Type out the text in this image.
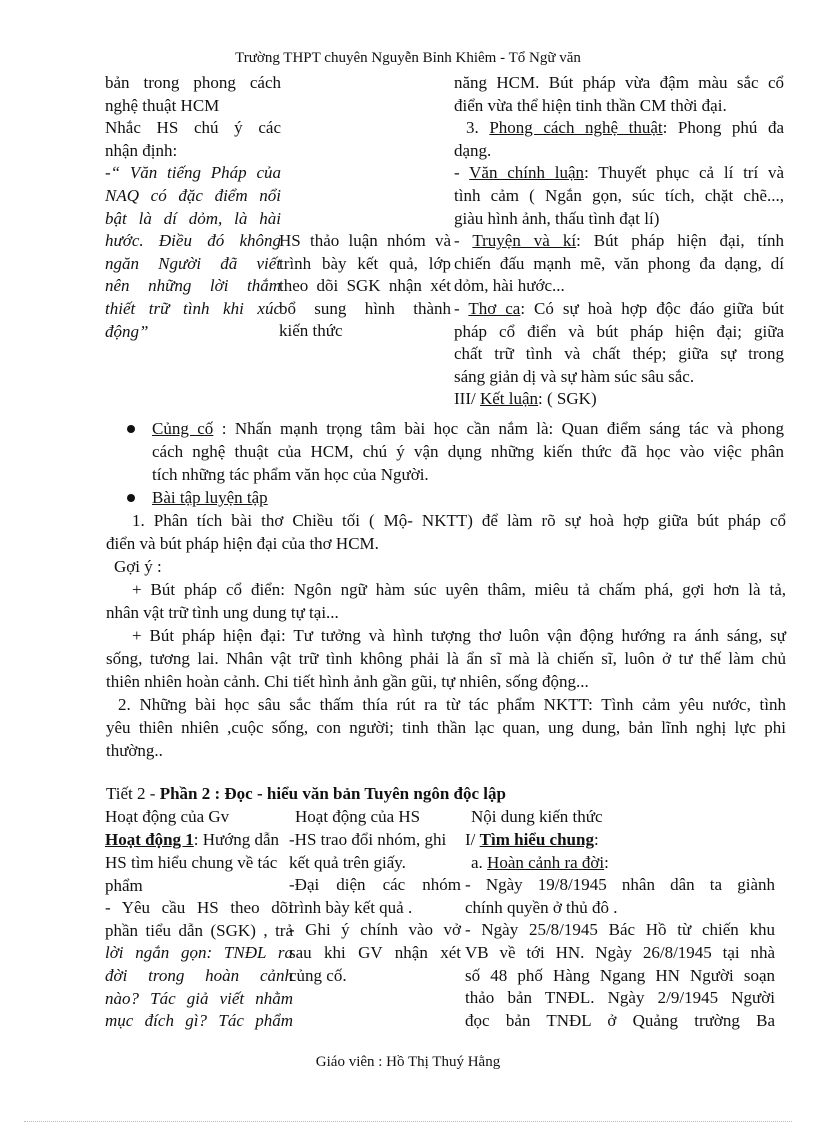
Trường THPT chuyên Nguyễn Bỉnh Khiêm - Tổ Ngữ văn
bản trong phong cách
nghệ thuật HCM
Nhắc HS chú ý các
nhận định:
-“ Văn tiếng Pháp của
NAQ có đặc điểm nổi
bật là dí dỏm, là hài
hước. Điều đó không
ngăn Người đã viết
nên những lời thắm
thiết trữ tình khi xúc
động”
HS thảo luận nhóm và
trình bày kết quả, lớp
theo dõi SGK nhận xét
bổ sung hình thành
kiến thức
năng HCM. Bút pháp vừa đậm màu sắc cổ
điển vừa thể hiện tinh thần CM thời đại.
3. Phong cách nghệ thuật: Phong phú đa
dạng.
- Văn chính luận: Thuyết phục cả lí trí và
tình cảm ( Ngắn gọn, súc tích, chặt chẽ...,
giàu hình ảnh, thấu tình đạt lí)
- Truyện và kí: Bút pháp hiện đại, tính
chiến đấu mạnh mẽ, văn phong đa dạng, dí
dỏm, hài hước...
- Thơ ca: Có sự hoà hợp độc đáo giữa bút
pháp cổ điển và bút pháp hiện đại; giữa
chất trữ tình và chất thép; giữa sự trong
sáng giản dị và sự hàm súc sâu sắc.
III/ Kết luận: ( SGK)
Củng cố : Nhấn mạnh trọng tâm bài học cần nắm là: Quan điểm sáng tác và phong
cách nghệ thuật của HCM, chú ý vận dụng những kiến thức đã học vào việc phân
tích những tác phẩm văn học của Người.
Bài tập luyện tập
1. Phân tích bài thơ Chiều tối ( Mộ- NKTT) để làm rõ sự hoà hợp giữa bút pháp cổ
điển và bút pháp hiện đại của thơ HCM.
Gợi ý :
+ Bút pháp cổ điển: Ngôn ngữ hàm súc uyên thâm, miêu tả chấm phá, gợi hơn là tả,
nhân vật trữ tình ung dung tự tại...
+ Bút pháp hiện đại: Tư tưởng và hình tượng thơ luôn vận động hướng ra ánh sáng, sự
sống, tương lai. Nhân vật trữ tình không phải là ẩn sĩ mà là chiến sĩ, luôn ở tư thế làm chủ
thiên nhiên hoàn cảnh. Chi tiết hình ảnh gần gũi, tự nhiên, sống động...
2. Những bài học sâu sắc thấm thía rút ra từ tác phẩm NKTT: Tình cảm yêu nước, tình
yêu thiên nhiên ,cuộc sống, con người; tinh thần lạc quan, ung dung, bản lĩnh nghị lực phi
thường..
Tiết 2 - Phần 2 : Đọc - hiểu văn bản Tuyên ngôn độc lập
Hoạt động của Gv	Hoạt động của HS	Nội dung kiến thức
Hoạt động 1: Hướng dẫn
HS tìm hiểu chung về tác
phẩm
- Yêu cầu HS theo dõi
phần tiểu dẫn (SGK) , trả
lời ngắn gọn: TNĐL ra
đời trong hoàn cảnh
nào? Tác giả viết nhằm
mục đích gì? Tác phẩm
-HS trao đổi nhóm, ghi
kết quả trên giấy.
-Đại diện các nhóm
trình bày kết quả .
- Ghi ý chính vào vở
sau khi GV nhận xét
củng cố.
I/ Tìm hiểu chung:
a. Hoàn cảnh ra đời:
- Ngày 19/8/1945 nhân dân ta giành
chính quyền ở thủ đô .
- Ngày 25/8/1945 Bác Hồ từ chiến khu
VB về tới HN. Ngày 26/8/1945 tại nhà
số 48 phố Hàng Ngang HN Người soạn
thảo bản TNĐL. Ngày 2/9/1945 Người
đọc bản TNĐL ở Quảng trường Ba
Giáo viên : Hồ Thị Thuý Hằng
